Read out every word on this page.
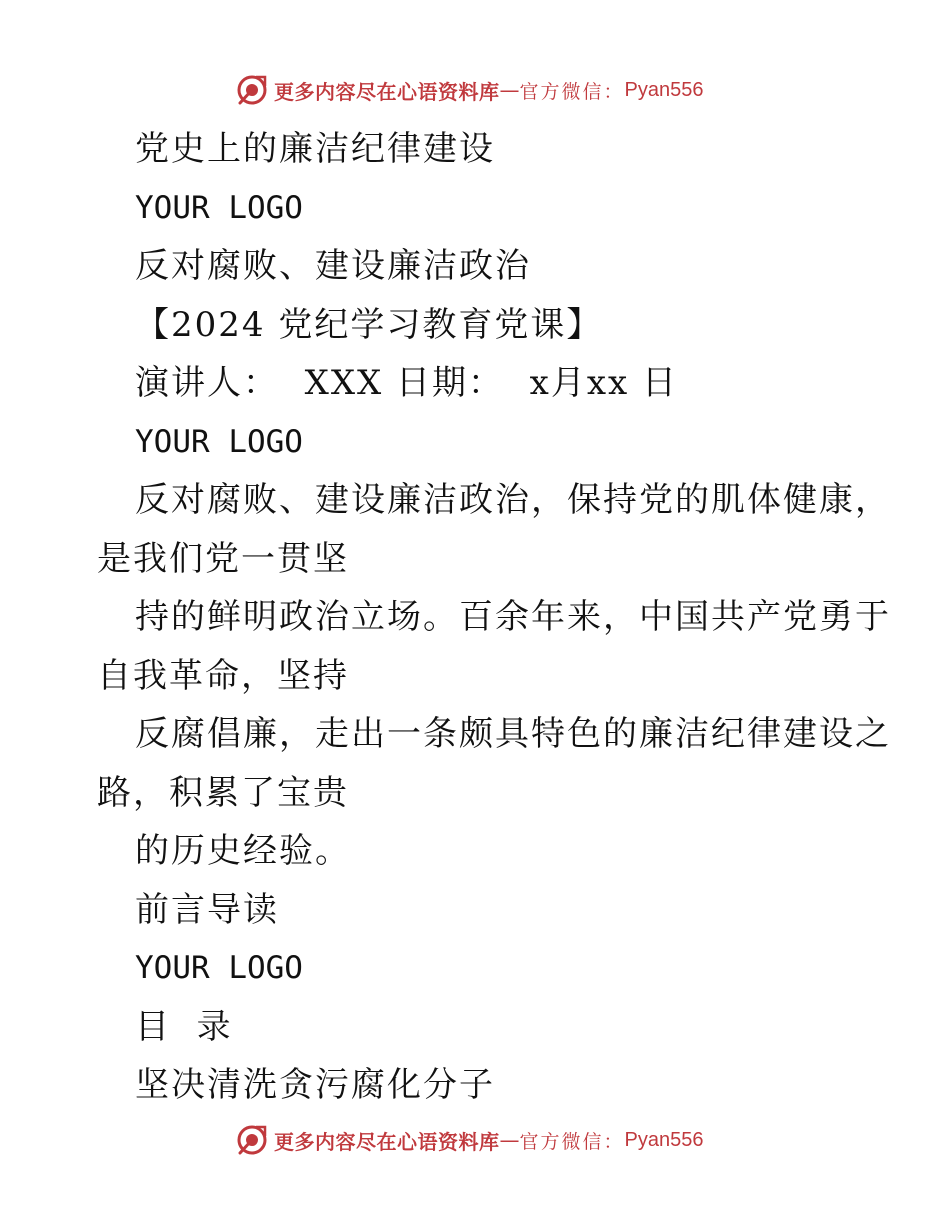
更多内容尽在心语资料库 — 官方微信： Pyan556
党史上的廉洁纪律建设
YOUR LOGO
反对腐败、建设廉洁政治
【2024 党纪学习教育党课】
演讲人：  XXX 日期：  x月xx 日
YOUR LOGO
反对腐败、建设廉洁政治，保持党的肌体健康，
是我们党一贯坚
持的鲜明政治立场。百余年来，中国共产党勇于
自我革命，坚持
反腐倡廉，走出一条颇具特色的廉洁纪律建设之
路，积累了宝贵
的历史经验。
前言导读
YOUR LOGO
目  录
坚决清洗贪污腐化分子
更多内容尽在心语资料库 — 官方微信： Pyan556
